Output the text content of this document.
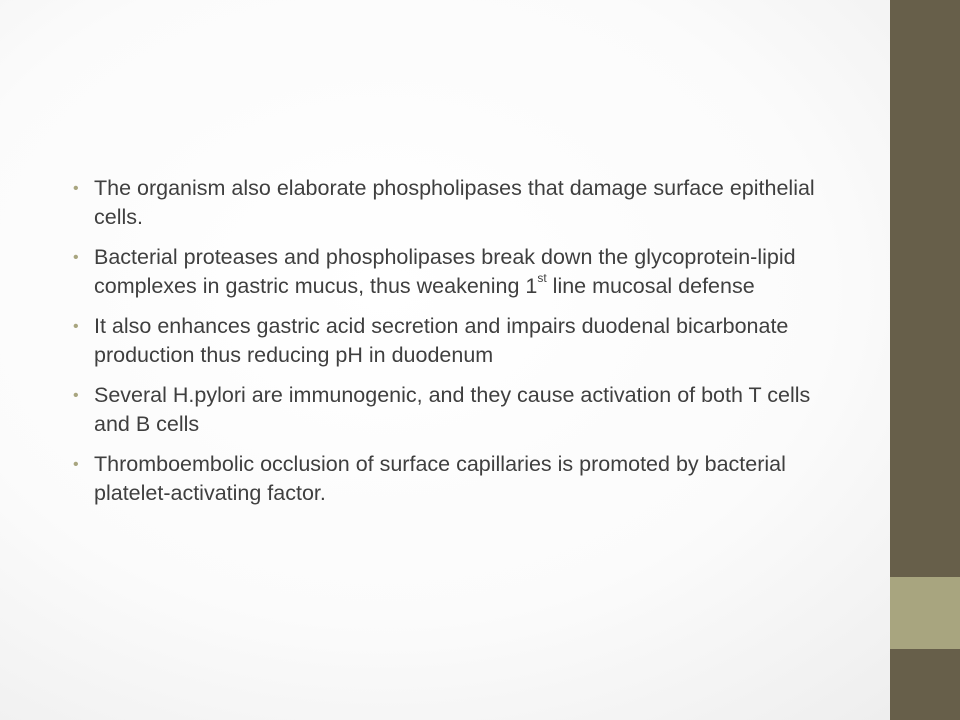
• The organism also elaborate phospholipases that damage surface epithelial cells.
• Bacterial proteases and phospholipases break down the glycoprotein-lipid complexes in gastric mucus, thus weakening 1st line mucosal defense
• It also enhances gastric acid secretion and impairs duodenal bicarbonate production thus reducing pH in duodenum
• Several H.pylori are immunogenic, and they cause activation of both T cells and B cells
• Thromboembolic occlusion of surface capillaries is promoted by bacterial platelet-activating factor.
